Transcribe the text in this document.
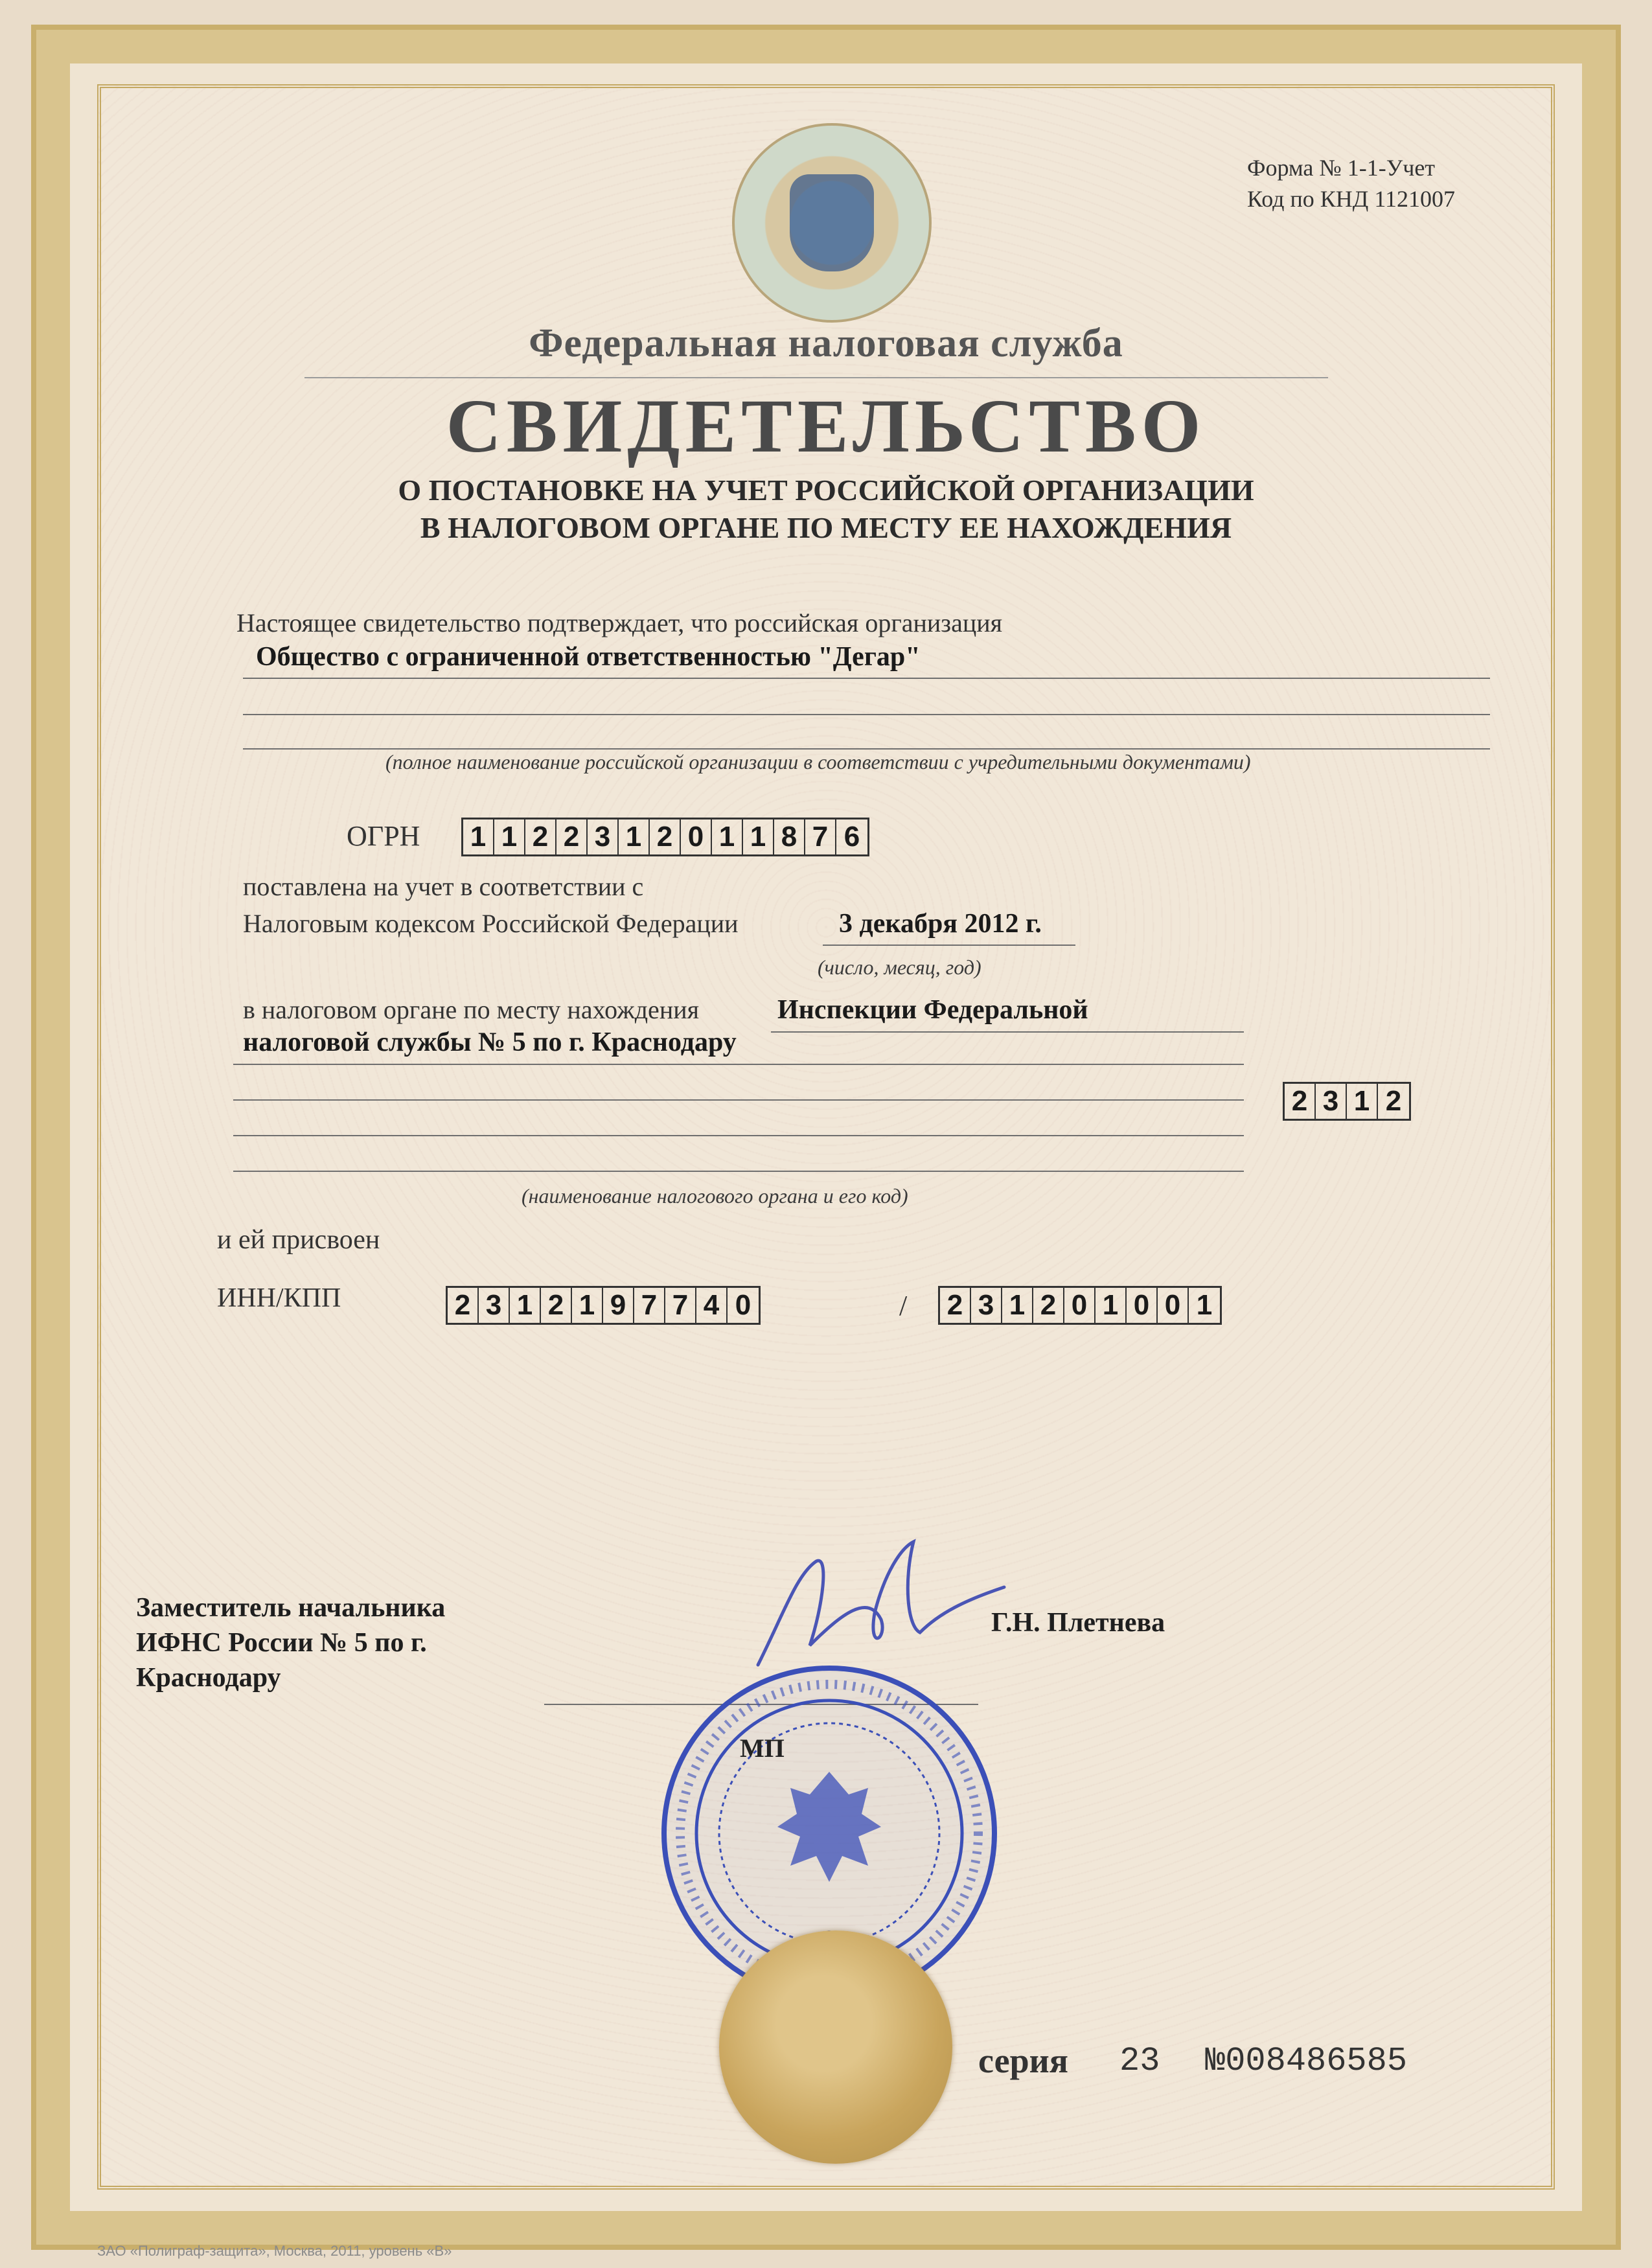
Форма № 1-1-Учет
Код по КНД 1121007
Федеральная налоговая служба
СВИДЕТЕЛЬСТВО
О ПОСТАНОВКЕ НА УЧЕТ РОССИЙСКОЙ ОРГАНИЗАЦИИ
В НАЛОГОВОМ ОРГАНЕ ПО МЕСТУ ЕЕ НАХОЖДЕНИЯ
Настоящее свидетельство подтверждает, что российская организация
Общество с ограниченной ответственностью "Дегар"
(полное наименование российской организации в соответствии с учредительными документами)
ОГРН 1 1 2 2 3 1 2 0 1 1 8 7 6
поставлена на учет в соответствии с
Налоговым кодексом Российской Федерации	3 декабря 2012 г.
(число, месяц, год)
в налоговом органе по месту нахождения	Инспекции Федеральной
налоговой службы № 5 по г. Краснодару
2 3 1 2
(наименование налогового органа и его код)
и ей присвоен
ИНН/КПП	2 3 1 2 1 9 7 7 4 0	/ 2 3 1 2 0 1 0 0 1
Заместитель начальника
ИФНС России № 5 по г.
Краснодару
Г.Н. Плетнева
МП
серия 23 №008486585
ЗАО «Полиграф-защита», Москва, 2011, уровень «В»
